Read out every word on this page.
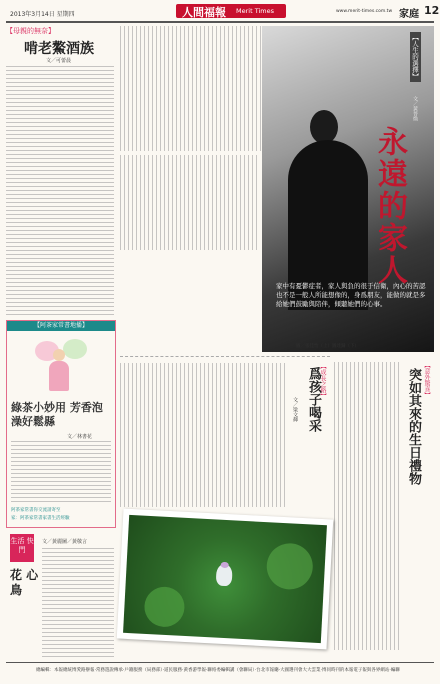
2013年3月14日 星期四	人間福報 Merit Times	www.merit-times.com.tw 家庭 12
【母親的無奈】
啃老鰲酒族
文／可蕾晨	【人生的選擇】
文／黃晉焕
永遠的家人
家中有憂鬱症者，家人與負的很于信衛，內心的苦認也不是一般人所能想像的，身爲朋友，能做的就是多給她們鼓勵與陪伴，傾聽她們的心事。
圖／張佳怡（上）圖達歸（下）
【阿茶家常書地播】
綠茶小妙用 芳香泡澡好鬆縣
文／林書花
阿茶家常書你交流請寄至
家：阿茶家常書家書生活經驗
【成長之路】
爲孩子喝采
文／梁文輝
【意外驚喜】
突如其來的生日禮物
生活 快門
花 心 鳥
文／黃麗圖／黃敬言
總編輯：本報總統博愛路辦報‧常務遊說傳承‧戶籍服務（局務部）‧道民服務‧黃香游學報‧聯絡委編輯講（會聯局）‧台北市報廳‧大國選刊會大大雲業‧博同時刊的本報電子報與各界網站‧編聯
